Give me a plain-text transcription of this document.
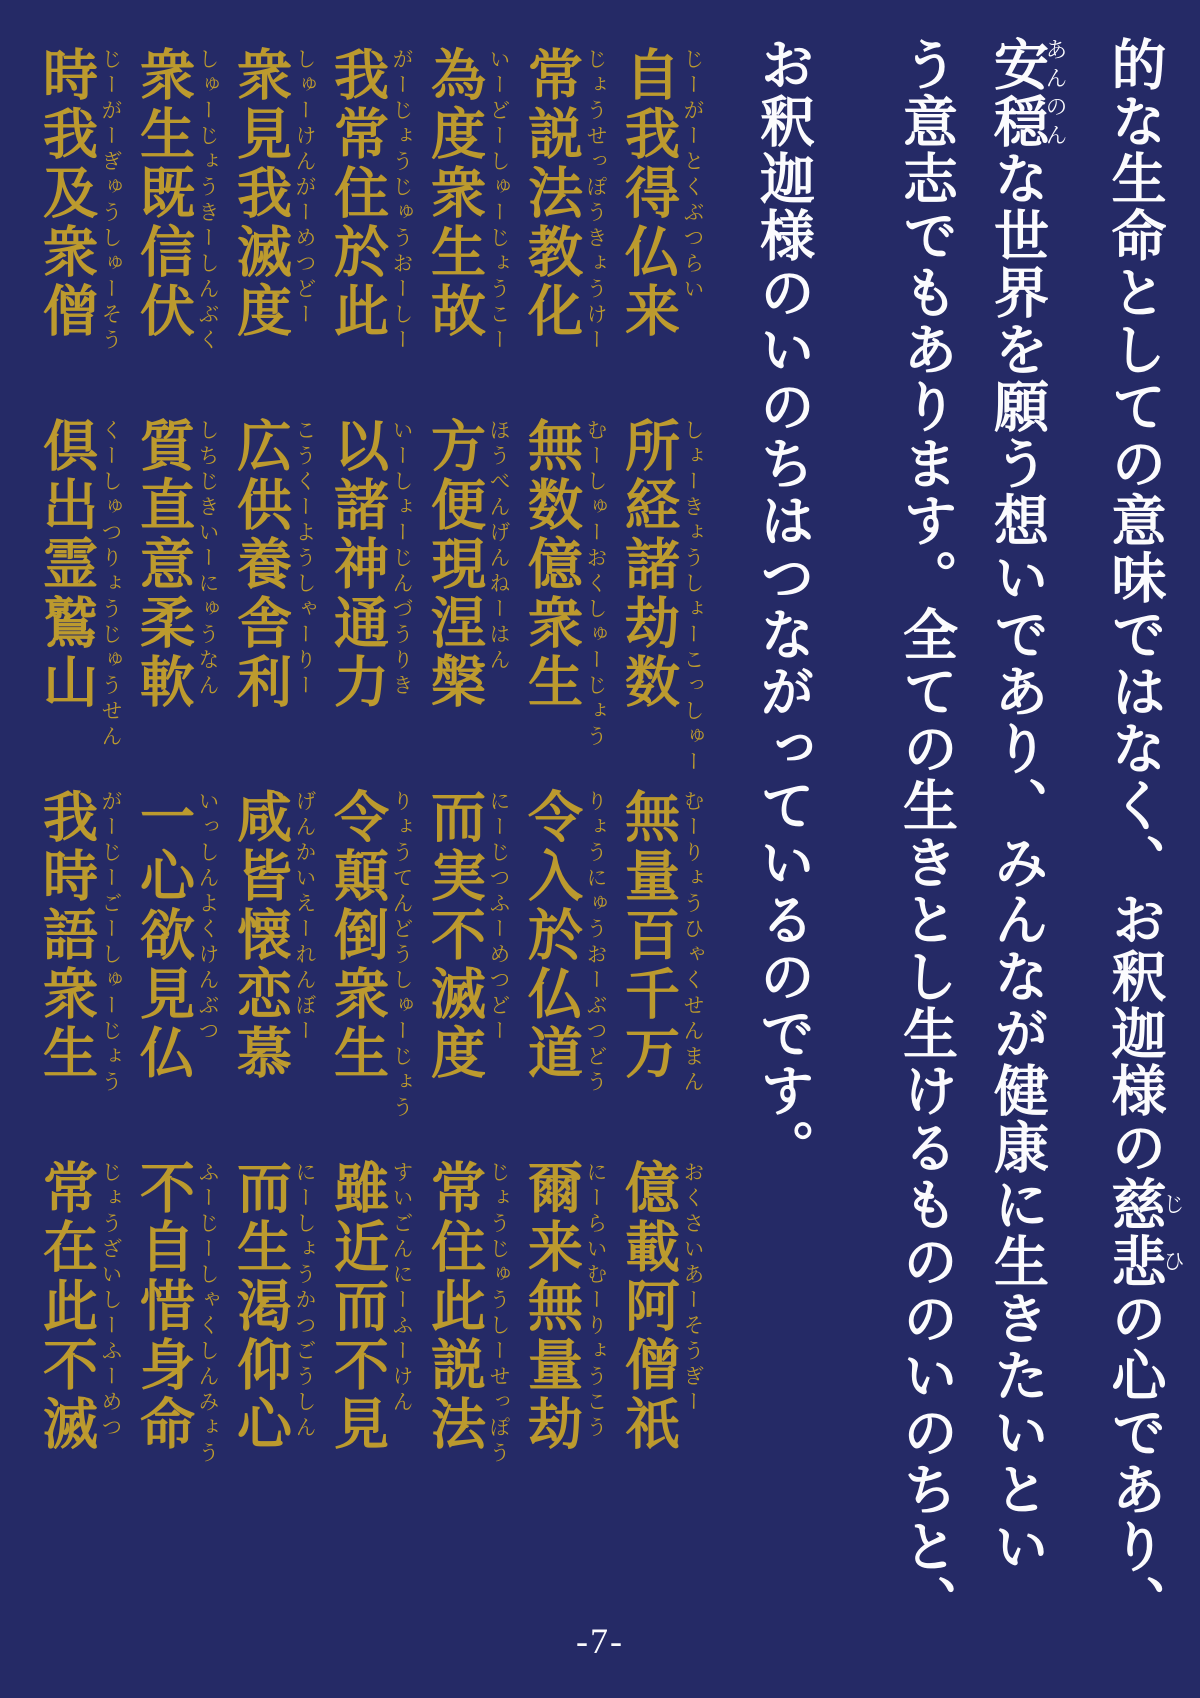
自我得仏来 じーがーとくぶつらい
所経諸劫数 しょーきょうしょーこっしゅー
無量百千万 むーりょうひゃくせんまん
億載阿僧祇 おくさいあーそうぎー
常説法教化 じょうせっぽうきょうけー
無数億衆生 むーしゅーおくしゅーじょう
令入於仏道 りょうにゅうおーぶつどう
爾来無量劫 にーらいむーりょうこう
為度衆生故 いーどーしゅーじょうこー
方便現涅槃 ほうべんげんねーはん
而実不滅度 にーじつふーめつどー
常住此説法 じょうじゅうしーせっぽう
我常住於此 がーじょうじゅうおーしー
以諸神通力 いーしょーじんづうりき
令顛倒衆生 りょうてんどうしゅーじょう
雖近而不見 すいごんにーふーけん
衆見我滅度 しゅーけんがーめつどー
広供養舎利 こうくーようしゃーりー
咸皆懐恋慕 げんかいえーれんぼー
而生渇仰心 にーしょうかつごうしん
衆生既信伏 しゅーじょうきーしんぶく
質直意柔軟 しちじきいーにゅうなん
一心欲見仏 いっしんよくけんぶつ
不自惜身命 ふーじーしゃくしんみょう
時我及衆僧 じーがーぎゅうしゅーそう
倶出霊鷲山 くーしゅつりょうじゅうせん
我時語衆生 がーじーごーしゅーじょう
常在此不滅 じょうざいしーふーめつ
的な生命としての意味ではなく、お釈迦様の慈悲じひの心であり、
安穏あんのんな世界を願う想いであり、みんなが健康に生きたいとい
う意志でもあります。全ての生きとし生けるもののいのちと、
お釈迦様のいのちはつながっているのです。
-7-
